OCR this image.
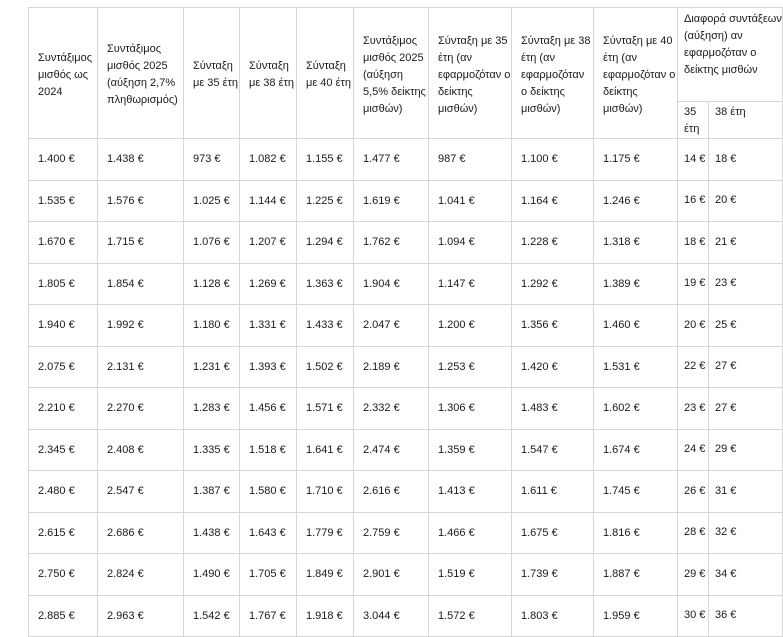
Συντάξιμος μισθός ως 2024	Συντάξιμος μισθός 2025 (αύξηση 2,7% πληθωρισμός)	Σύνταξη με 35 έτη	Σύνταξη με 38 έτη	Σύνταξη με 40 έτη	Συντάξιμος μισθός 2025 (αύξηση 5,5% δείκτης μισθών)	Σύνταξη με 35 έτη (αν εφαρμοζόταν ο δείκτης μισθών)	Σύνταξη με 38 έτη (αν εφαρμοζόταν ο δείκτης μισθών)	Σύνταξη με 40 έτη (αν εφαρμοζόταν ο δείκτης μισθών)	Διαφορά συντάξεων (αύξηση) αν εφαρμοζόταν ο δείκτης μισθών	
									35 έτη	38 έτη
1.400 €	1.438 €	973 €	1.082 €	1.155 €	1.477 €	987 €	1.100 €	1.175 €	14 €	18 €
1.535 €	1.576 €	1.025 €	1.144 €	1.225 €	1.619 €	1.041 €	1.164 €	1.246 €	16 €	20 €
1.670 €	1.715 €	1.076 €	1.207 €	1.294 €	1.762 €	1.094 €	1.228 €	1.318 €	18 €	21 €
1.805 €	1.854 €	1.128 €	1.269 €	1.363 €	1.904 €	1.147 €	1.292 €	1.389 €	19 €	23 €
1.940 €	1.992 €	1.180 €	1.331 €	1.433 €	2.047 €	1.200 €	1.356 €	1.460 €	20 €	25 €
2.075 €	2.131 €	1.231 €	1.393 €	1.502 €	2.189 €	1.253 €	1.420 €	1.531 €	22 €	27 €
2.210 €	2.270 €	1.283 €	1.456 €	1.571 €	2.332 €	1.306 €	1.483 €	1.602 €	23 €	27 €
2.345 €	2.408 €	1.335 €	1.518 €	1.641 €	2.474 €	1.359 €	1.547 €	1.674 €	24 €	29 €
2.480 €	2.547 €	1.387 €	1.580 €	1.710 €	2.616 €	1.413 €	1.611 €	1.745 €	26 €	31 €
2.615 €	2.686 €	1.438 €	1.643 €	1.779 €	2.759 €	1.466 €	1.675 €	1.816 €	28 €	32 €
2.750 €	2.824 €	1.490 €	1.705 €	1.849 €	2.901 €	1.519 €	1.739 €	1.887 €	29 €	34 €
2.885 €	2.963 €	1.542 €	1.767 €	1.918 €	3.044 €	1.572 €	1.803 €	1.959 €	30 €	36 €
